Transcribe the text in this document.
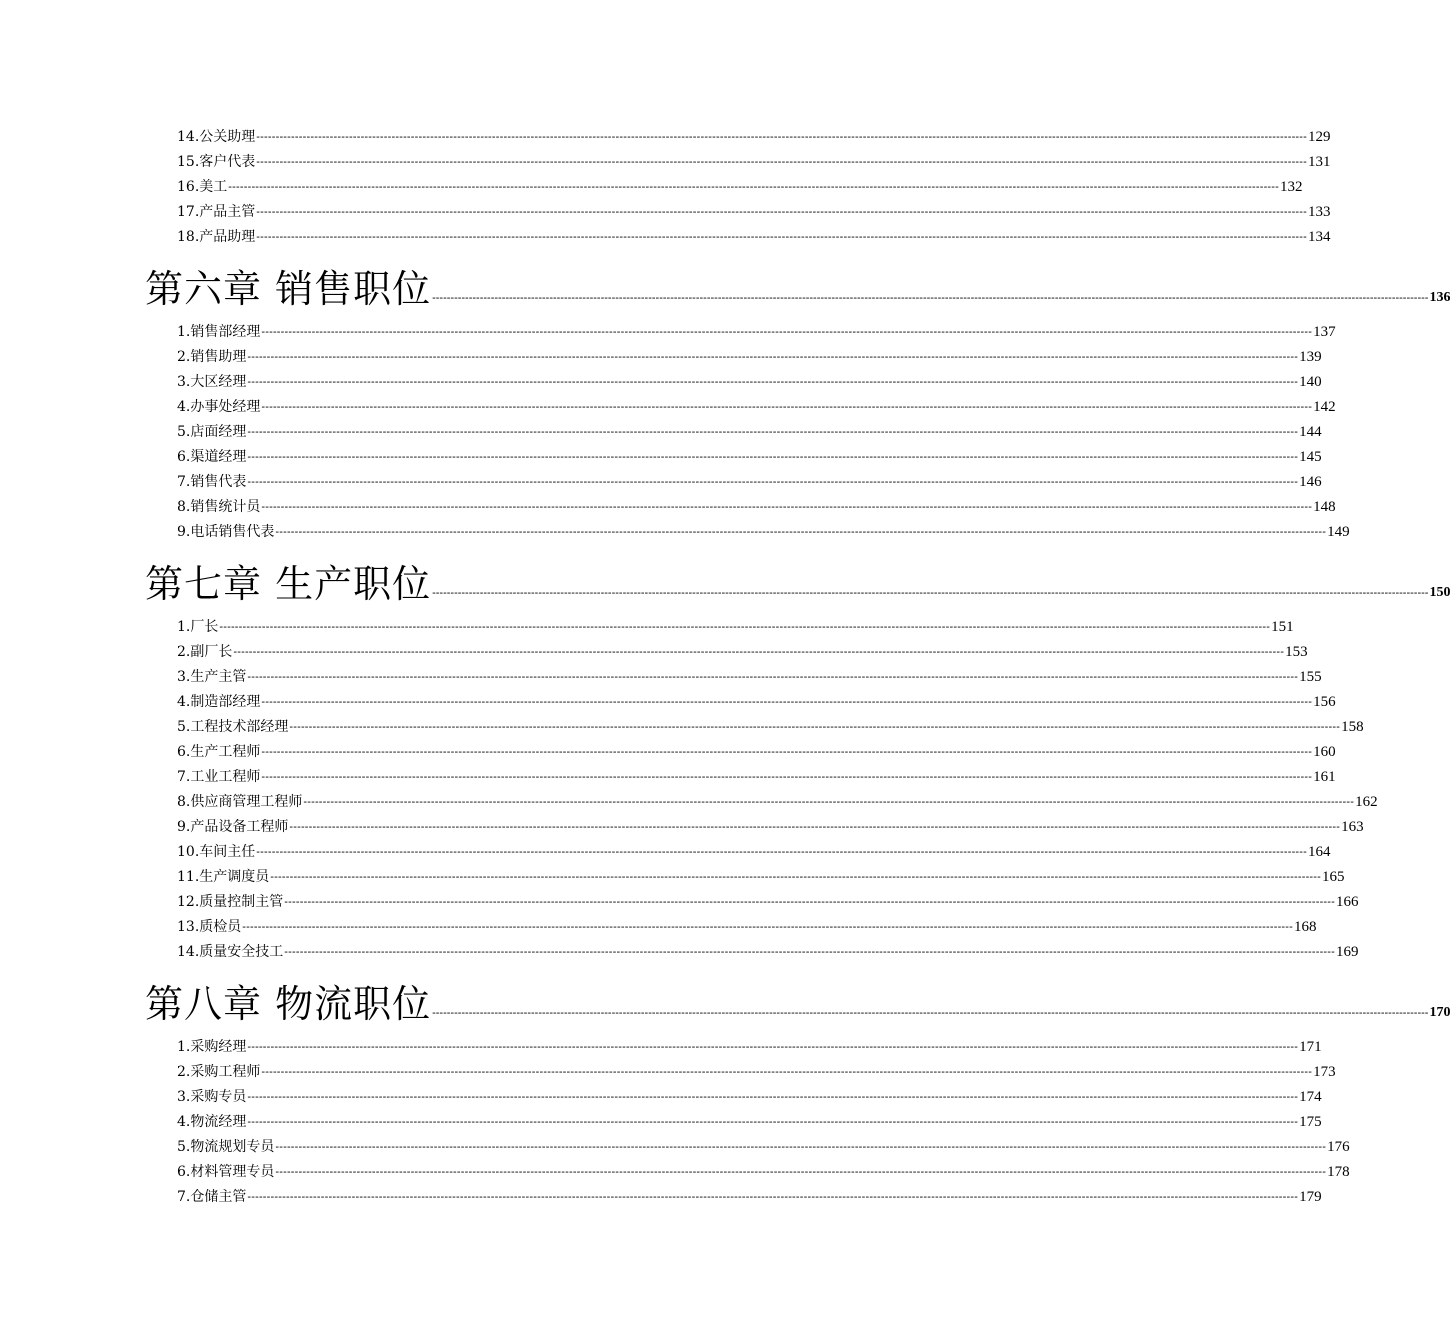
14.公关助理 -------------------------------------------------------------------------------------------------------------------------------------------------------------------------------------------------------------------------------------------------------------------------------- 129
15.客户代表 -------------------------------------------------------------------------------------------------------------------------------------------------------------------------------------------------------------------------------------------------------------------------------- 131
16.美工 -------------------------------------------------------------------------------------------------------------------------------------------------------------------------------------------------------------------------------------------------------------------------------- 132
17.产品主管 -------------------------------------------------------------------------------------------------------------------------------------------------------------------------------------------------------------------------------------------------------------------------------- 133
18.产品助理 -------------------------------------------------------------------------------------------------------------------------------------------------------------------------------------------------------------------------------------------------------------------------------- 134
第六章 销售职位 -------------------------------------------------------------------------------------------------------------------------------------------------------------------------------------------------------------------------------------------------------------------------------- 136
1.销售部经理 -------------------------------------------------------------------------------------------------------------------------------------------------------------------------------------------------------------------------------------------------------------------------------- 137
2.销售助理 -------------------------------------------------------------------------------------------------------------------------------------------------------------------------------------------------------------------------------------------------------------------------------- 139
3.大区经理 -------------------------------------------------------------------------------------------------------------------------------------------------------------------------------------------------------------------------------------------------------------------------------- 140
4.办事处经理 -------------------------------------------------------------------------------------------------------------------------------------------------------------------------------------------------------------------------------------------------------------------------------- 142
5.店面经理 -------------------------------------------------------------------------------------------------------------------------------------------------------------------------------------------------------------------------------------------------------------------------------- 144
6.渠道经理 -------------------------------------------------------------------------------------------------------------------------------------------------------------------------------------------------------------------------------------------------------------------------------- 145
7.销售代表 -------------------------------------------------------------------------------------------------------------------------------------------------------------------------------------------------------------------------------------------------------------------------------- 146
8.销售统计员 -------------------------------------------------------------------------------------------------------------------------------------------------------------------------------------------------------------------------------------------------------------------------------- 148
9.电话销售代表 -------------------------------------------------------------------------------------------------------------------------------------------------------------------------------------------------------------------------------------------------------------------------------- 149
第七章 生产职位 -------------------------------------------------------------------------------------------------------------------------------------------------------------------------------------------------------------------------------------------------------------------------------- 150
1.厂长 -------------------------------------------------------------------------------------------------------------------------------------------------------------------------------------------------------------------------------------------------------------------------------- 151
2.副厂长 -------------------------------------------------------------------------------------------------------------------------------------------------------------------------------------------------------------------------------------------------------------------------------- 153
3.生产主管 -------------------------------------------------------------------------------------------------------------------------------------------------------------------------------------------------------------------------------------------------------------------------------- 155
4.制造部经理 -------------------------------------------------------------------------------------------------------------------------------------------------------------------------------------------------------------------------------------------------------------------------------- 156
5.工程技术部经理 -------------------------------------------------------------------------------------------------------------------------------------------------------------------------------------------------------------------------------------------------------------------------------- 158
6.生产工程师 -------------------------------------------------------------------------------------------------------------------------------------------------------------------------------------------------------------------------------------------------------------------------------- 160
7.工业工程师 -------------------------------------------------------------------------------------------------------------------------------------------------------------------------------------------------------------------------------------------------------------------------------- 161
8.供应商管理工程师 -------------------------------------------------------------------------------------------------------------------------------------------------------------------------------------------------------------------------------------------------------------------------------- 162
9.产品设备工程师 -------------------------------------------------------------------------------------------------------------------------------------------------------------------------------------------------------------------------------------------------------------------------------- 163
10.车间主任 -------------------------------------------------------------------------------------------------------------------------------------------------------------------------------------------------------------------------------------------------------------------------------- 164
11.生产调度员 -------------------------------------------------------------------------------------------------------------------------------------------------------------------------------------------------------------------------------------------------------------------------------- 165
12.质量控制主管 -------------------------------------------------------------------------------------------------------------------------------------------------------------------------------------------------------------------------------------------------------------------------------- 166
13.质检员 -------------------------------------------------------------------------------------------------------------------------------------------------------------------------------------------------------------------------------------------------------------------------------- 168
14.质量安全技工 -------------------------------------------------------------------------------------------------------------------------------------------------------------------------------------------------------------------------------------------------------------------------------- 169
第八章 物流职位 -------------------------------------------------------------------------------------------------------------------------------------------------------------------------------------------------------------------------------------------------------------------------------- 170
1.采购经理 -------------------------------------------------------------------------------------------------------------------------------------------------------------------------------------------------------------------------------------------------------------------------------- 171
2.采购工程师 -------------------------------------------------------------------------------------------------------------------------------------------------------------------------------------------------------------------------------------------------------------------------------- 173
3.采购专员 -------------------------------------------------------------------------------------------------------------------------------------------------------------------------------------------------------------------------------------------------------------------------------- 174
4.物流经理 -------------------------------------------------------------------------------------------------------------------------------------------------------------------------------------------------------------------------------------------------------------------------------- 175
5.物流规划专员 -------------------------------------------------------------------------------------------------------------------------------------------------------------------------------------------------------------------------------------------------------------------------------- 176
6.材料管理专员 -------------------------------------------------------------------------------------------------------------------------------------------------------------------------------------------------------------------------------------------------------------------------------- 178
7.仓储主管 -------------------------------------------------------------------------------------------------------------------------------------------------------------------------------------------------------------------------------------------------------------------------------- 179
